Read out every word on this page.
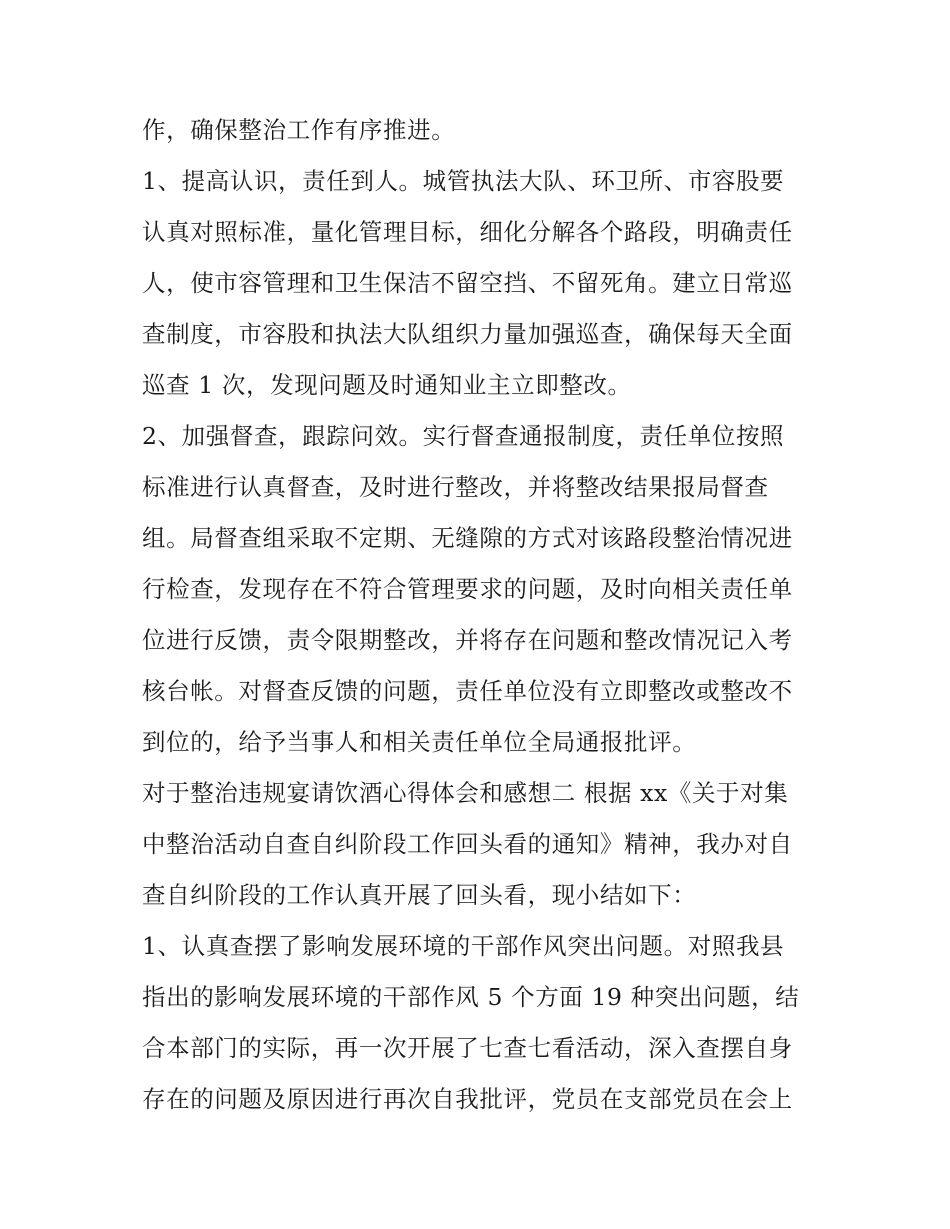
作，确保整治工作有序推进。
1、提高认识，责任到人。城管执法大队、环卫所、市容股要
认真对照标准，量化管理目标，细化分解各个路段，明确责任
人，使市容管理和卫生保洁不留空挡、不留死角。建立日常巡
查制度，市容股和执法大队组织力量加强巡查，确保每天全面
巡查 1 次，发现问题及时通知业主立即整改。
2、加强督查，跟踪问效。实行督查通报制度，责任单位按照
标准进行认真督查，及时进行整改，并将整改结果报局督查
组。局督查组采取不定期、无缝隙的方式对该路段整治情况进
行检查，发现存在不符合管理要求的问题，及时向相关责任单
位进行反馈，责令限期整改，并将存在问题和整改情况记入考
核台帐。对督查反馈的问题，责任单位没有立即整改或整改不
到位的，给予当事人和相关责任单位全局通报批评。
对于整治违规宴请饮酒心得体会和感想二 根据 xx《关于对集
中整治活动自查自纠阶段工作回头看的通知》精神，我办对自
查自纠阶段的工作认真开展了回头看，现小结如下：
1、认真查摆了影响发展环境的干部作风突出问题。对照我县
指出的影响发展环境的干部作风 5 个方面 19 种突出问题，结
合本部门的实际，再一次开展了七查七看活动，深入查摆自身
存在的问题及原因进行再次自我批评，党员在支部党员在会上
